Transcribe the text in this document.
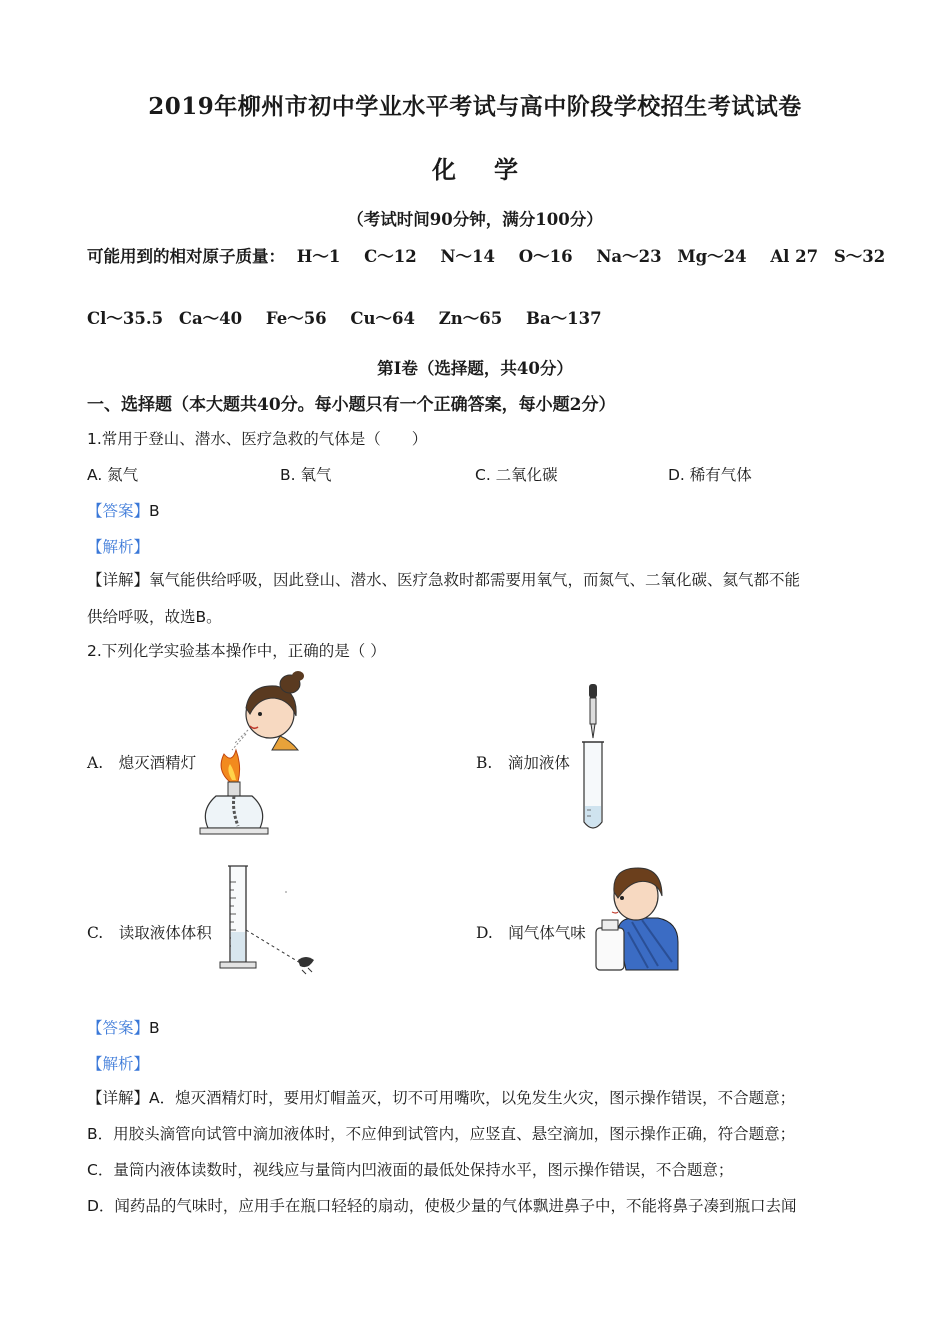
2019年柳州市初中学业水平考试与高中阶段学校招生考试试卷
化学
（考试时间90分钟，满分100分）
可能用到的相对原子质量： H～1 C～12 N～14 O～16 Na～23 Mg～24 Al 27 S～32
Cl～35.5 Ca～40 Fe～56 Cu～64 Zn～65 Ba～137
第Ⅰ卷（选择题，共40分）
一、选择题（本大题共40分。每小题只有一个正确答案，每小题2分）
1.常用于登山、潜水、医疗急救的气体是（　　）
A. 氮气	B. 氧气	C. 二氧化碳	D. 稀有气体
【答案】B
【解析】
【详解】氧气能供给呼吸，因此登山、潜水、医疗急救时都需要用氧气，而氮气、二氧化碳、氦气都不能
供给呼吸，故选B。
2.下列化学实验基本操作中，正确的是（ ）
A.　熄灭酒精灯	B.　滴加液体
C.　读取液体体积	D.　闻气体气味
【答案】B
【解析】
【详解】A．熄灭酒精灯时，要用灯帽盖灭，切不可用嘴吹，以免发生火灾，图示操作错误，不合题意；
B．用胶头滴管向试管中滴加液体时，不应伸到试管内，应竖直、悬空滴加，图示操作正确，符合题意；
C．量筒内液体读数时，视线应与量筒内凹液面的最低处保持水平，图示操作错误，不合题意；
D．闻药品的气味时，应用手在瓶口轻轻的扇动，使极少量的气体飘进鼻子中，不能将鼻子凑到瓶口去闻
